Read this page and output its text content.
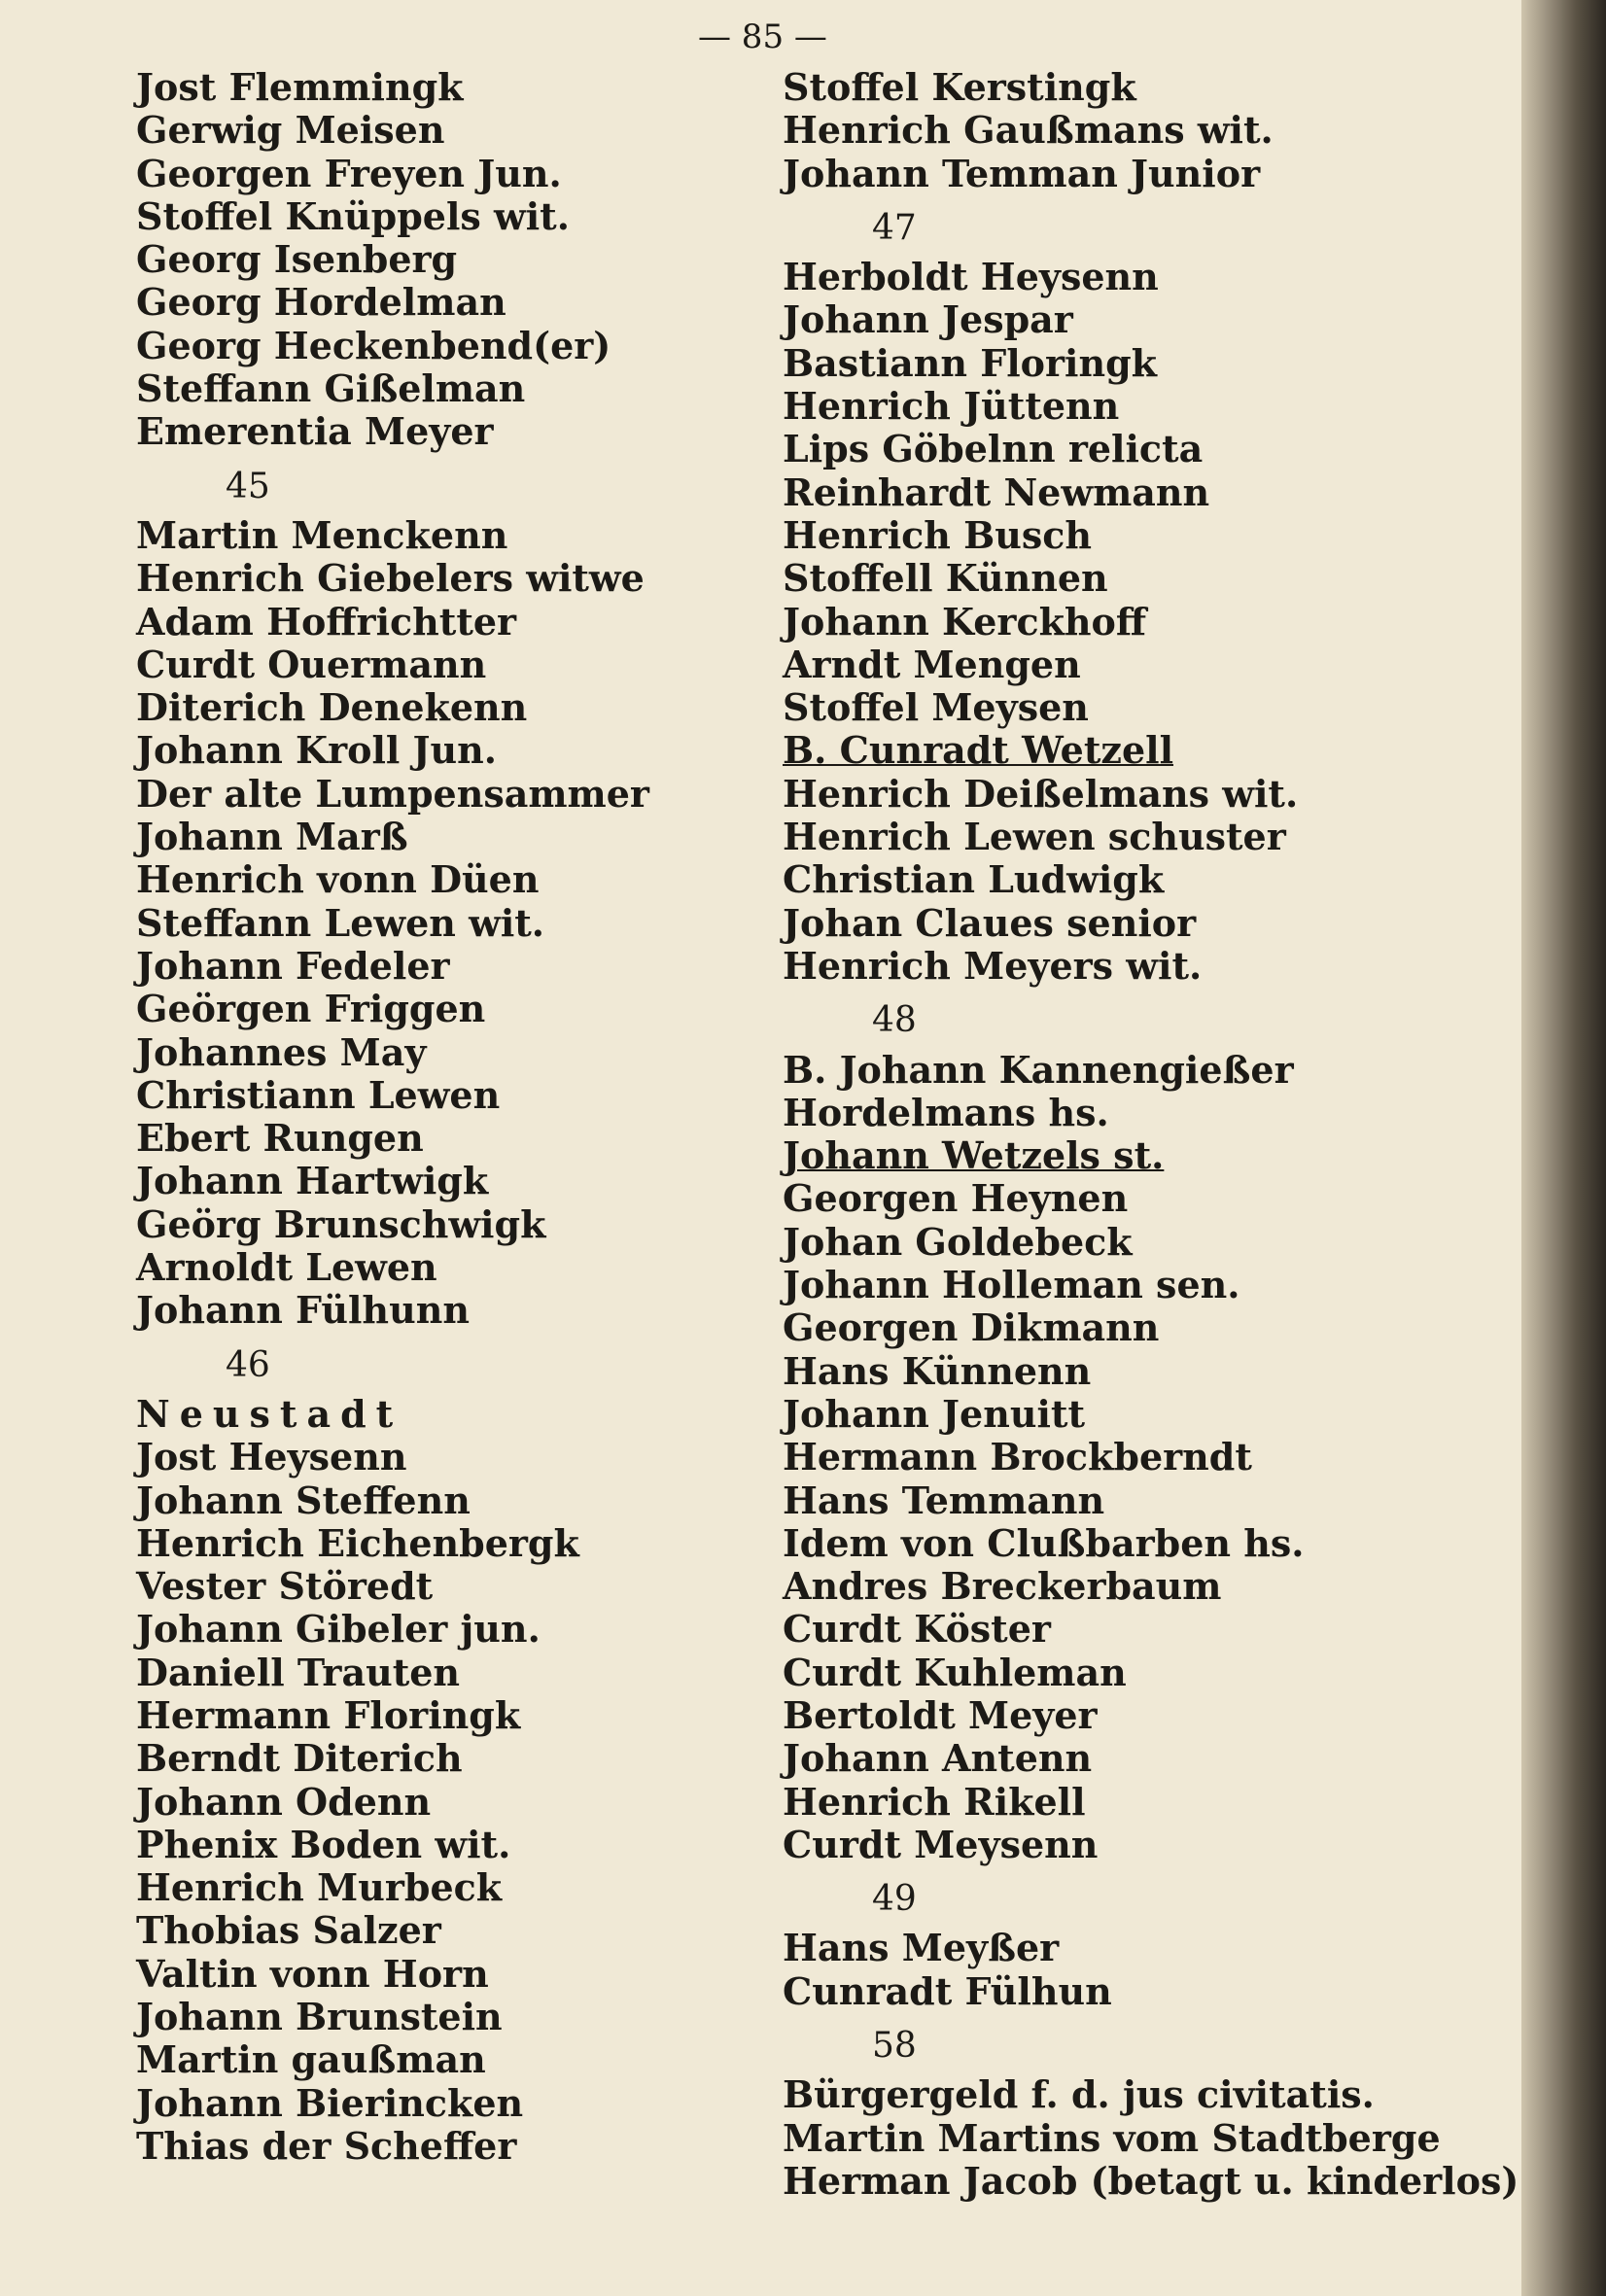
— 85 —
Jost Flemmingk
Gerwig Meisen
Georgen Freyen Jun.
Stoffel Knüppels wit.
Georg Isenberg
Georg Hordelman
Georg Heckenbend(er)
Steffann Gißelman
Emerentia Meyer
45
Martin Menckenn
Henrich Giebelers witwe
Adam Hoffrichtter
Curdt Ouermann
Diterich Denekenn
Johann Kroll Jun.
Der alte Lumpensammer
Johann Marß
Henrich vonn Düen
Steffann Lewen wit.
Johann Fedeler
Geörgen Friggen
Johannes May
Christiann Lewen
Ebert Rungen
Johann Hartwigk
Geörg Brunschwigk
Arnoldt Lewen
Johann Fülhunn
46
Neustadt
Jost Heysenn
Johann Steffenn
Henrich Eichenbergk
Vester Störedt
Johann Gibeler jun.
Daniell Trauten
Hermann Floringk
Berndt Diterich
Johann Odenn
Phenix Boden wit.
Henrich Murbeck
Thobias Salzer
Valtin vonn Horn
Johann Brunstein
Martin gaußman
Johann Bierincken
Thias der Scheffer
Stoffel Kerstingk
Henrich Gaußmans wit.
Johann Temman Junior
47
Herboldt Heysenn
Johann Jespar
Bastiann Floringk
Henrich Jüttenn
Lips Göbelnn relicta
Reinhardt Newmann
Henrich Busch
Stoffell Künnen
Johann Kerckhoff
Arndt Mengen
Stoffel Meysen
B. Cunradt Wetzell
Henrich Deißelmans wit.
Henrich Lewen schuster
Christian Ludwigk
Johan Claues senior
Henrich Meyers wit.
48
B. Johann Kannengießer
Hordelmans hs.
Johann Wetzels st.
Georgen Heynen
Johan Goldebeck
Johann Holleman sen.
Georgen Dikmann
Hans Künnenn
Johann Jenuitt
Hermann Brockberndt
Hans Temmann
Idem von Clußbarben hs.
Andres Breckerbaum
Curdt Köster
Curdt Kuhleman
Bertoldt Meyer
Johann Antenn
Henrich Rikell
Curdt Meysenn
49
Hans Meyßer
Cunradt Fülhun
58
Bürgergeld f. d. jus civitatis.
Martin Martins vom Stadtberge
Herman Jacob (betagt u. kinderlos)
